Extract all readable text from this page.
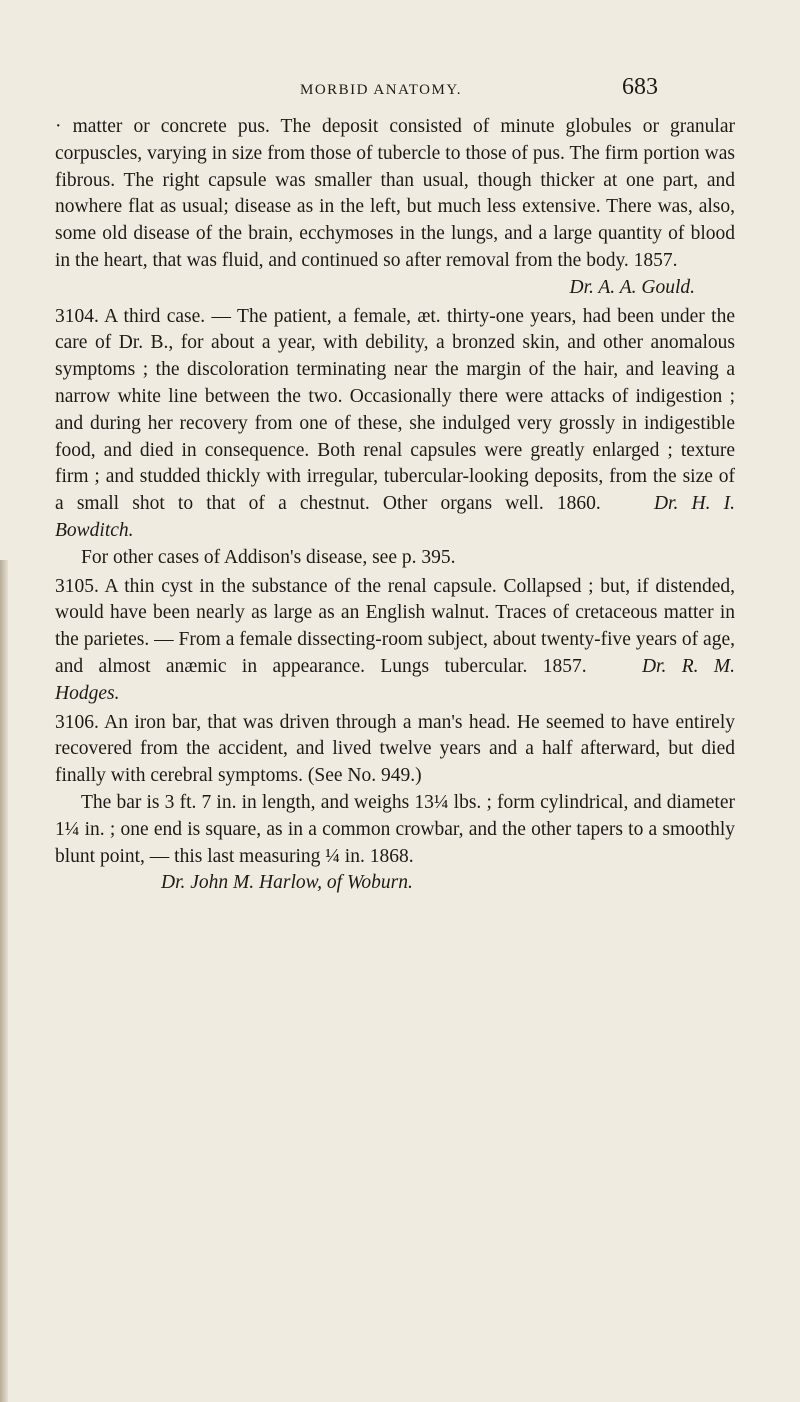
MORBID ANATOMY.	683

· matter or concrete pus. The deposit consisted of minute globules or granular corpuscles, varying in size from those of tubercle to those of pus. The firm portion was fibrous. The right capsule was smaller than usual, though thicker at one part, and nowhere flat as usual; disease as in the left, but much less extensive. There was, also, some old disease of the brain, ecchymoses in the lungs, and a large quantity of blood in the heart, that was fluid, and continued so after removal from the body. 1857.
Dr. A. A. Gould.

3104. A third case. — The patient, a female, æt. thirty-one years, had been under the care of Dr. B., for about a year, with debility, a bronzed skin, and other anomalous symptoms ; the discoloration terminating near the margin of the hair, and leaving a narrow white line between the two. Occasionally there were attacks of indigestion ; and during her recovery from one of these, she indulged very grossly in indigestible food, and died in consequence. Both renal capsules were greatly enlarged ; texture firm ; and studded thickly with irregular, tubercular-looking deposits, from the size of a small shot to that of a chestnut. Other organs well. 1860.	Dr. H. I. Bowditch.

For other cases of Addison's disease, see p. 395.

3105. A thin cyst in the substance of the renal capsule. Collapsed ; but, if distended, would have been nearly as large as an English walnut. Traces of cretaceous matter in the parietes. — From a female dissecting-room subject, about twenty-five years of age, and almost anæmic in appearance. Lungs tubercular. 1857.	Dr. R. M. Hodges.

3106. An iron bar, that was driven through a man's head. He seemed to have entirely recovered from the accident, and lived twelve years and a half afterward, but died finally with cerebral symptoms. (See No. 949.)

The bar is 3 ft. 7 in. in length, and weighs 13¼ lbs. ; form cylindrical, and diameter 1¼ in. ; one end is square, as in a common crowbar, and the other tapers to a smoothly blunt point, — this last measuring ¼ in. 1868.
Dr. John M. Harlow, of Woburn.
